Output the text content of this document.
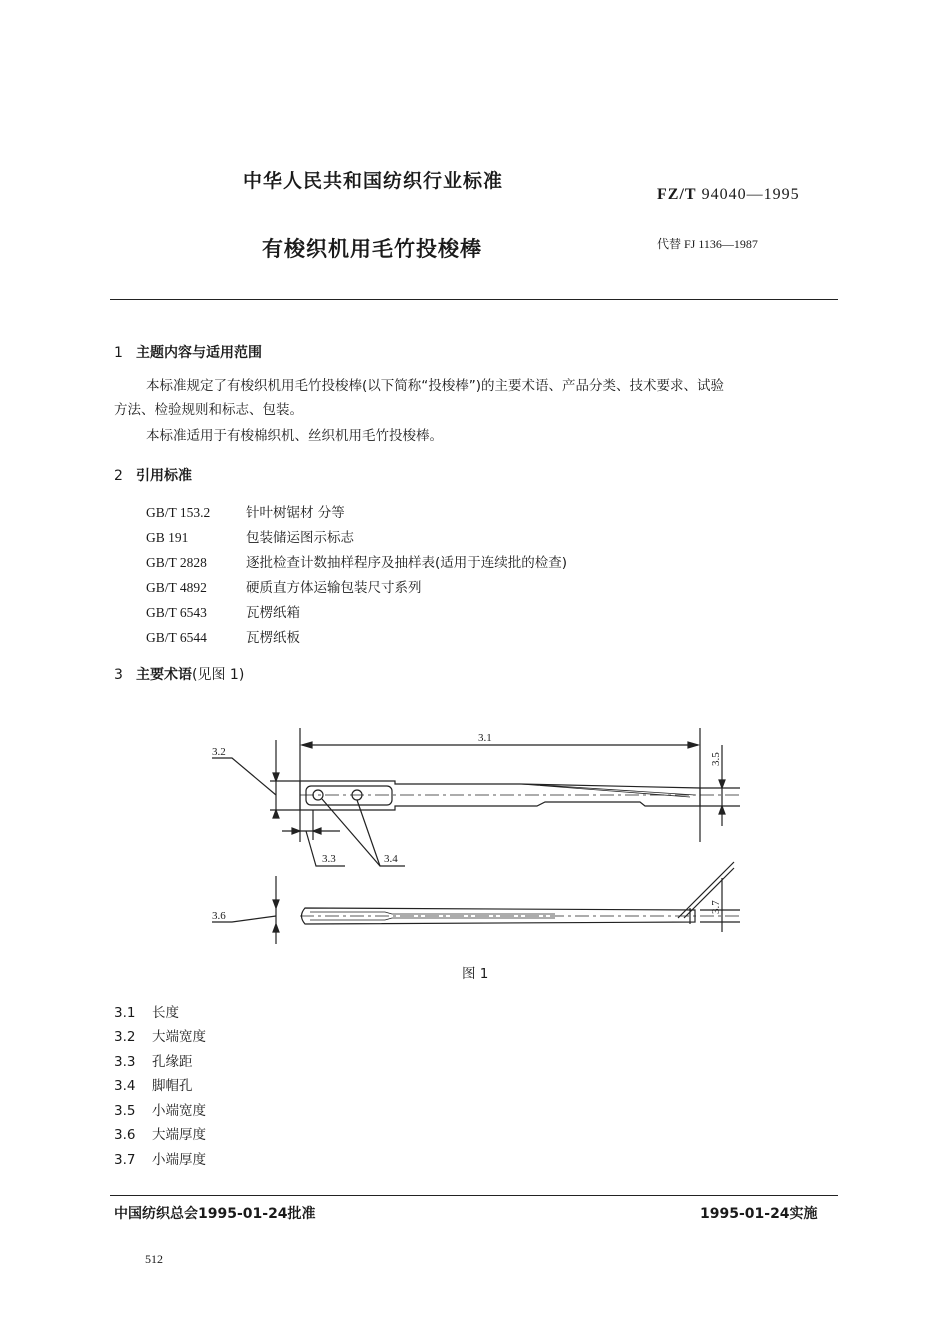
中华人民共和国纺织行业标准
FZ/T 94040—1995
有梭织机用毛竹投梭棒	代替 FJ 1136—1987
1 主题内容与适用范围
本标准规定了有梭织机用毛竹投梭棒(以下简称“投梭棒”)的主要术语、产品分类、技术要求、试验
方法、检验规则和标志、包装。
本标准适用于有梭棉织机、丝织机用毛竹投梭棒。
2 引用标准
GB/T 153.2	针叶树锯材 分等
GB 191	包装储运图示标志
GB/T 2828	逐批检查计数抽样程序及抽样表(适用于连续批的检查)
GB/T 4892	硬质直方体运输包装尺寸系列
GB/T 6543	瓦楞纸箱
GB/T 6544	瓦楞纸板
3 主要术语(见图 1)
3.1
3.2
3.5
3.3	3.4
3.6
3.7
图 1
3.1 长度
3.2 大端宽度
3.3 孔缘距
3.4 脚帽孔
3.5 小端宽度
3.6 大端厚度
3.7 小端厚度
中国纺织总会1995-01-24批准	1995-01-24实施
512
